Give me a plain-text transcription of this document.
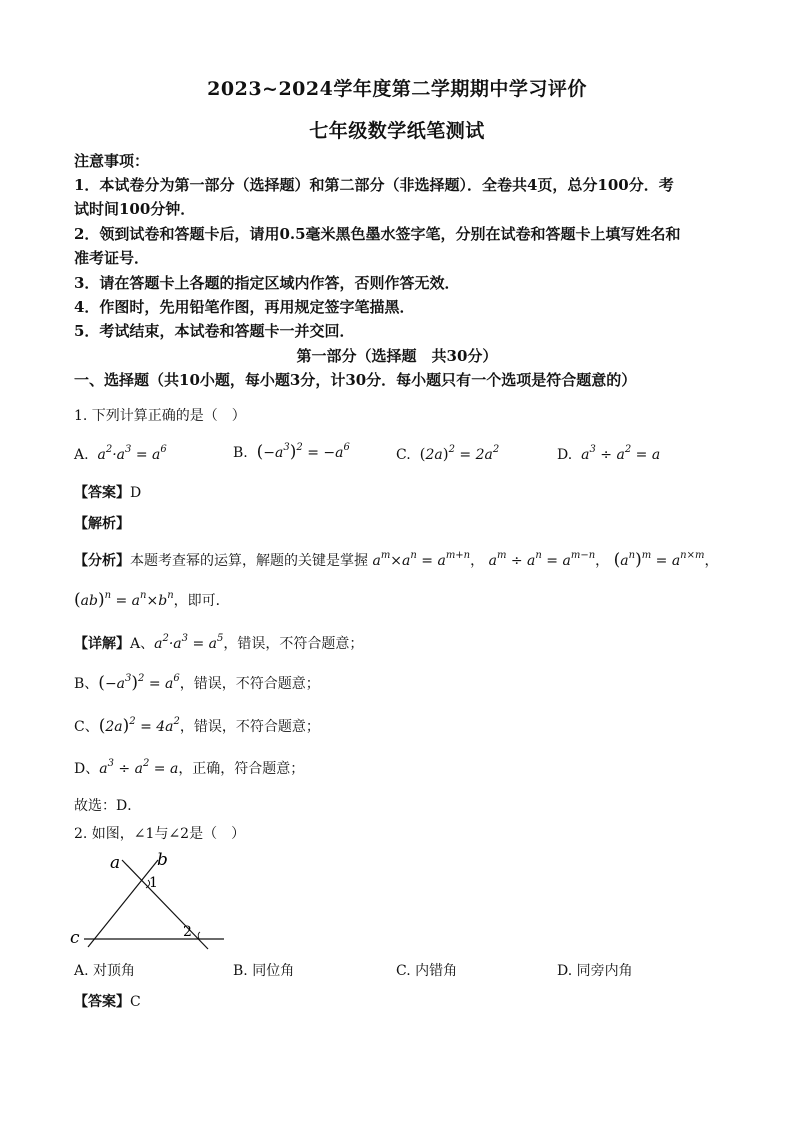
2023~2024学年度第二学期期中学习评价
七年级数学纸笔测试
注意事项：
1．本试卷分为第一部分（选择题）和第二部分（非选择题）．全卷共4页，总分100分．考
试时间100分钟．
2．领到试卷和答题卡后，请用0.5毫米黑色墨水签字笔，分别在试卷和答题卡上填写姓名和
准考证号．
3．请在答题卡上各题的指定区域内作答，否则作答无效．
4．作图时，先用铅笔作图，再用规定签字笔描黑．
5．考试结束，本试卷和答题卡一并交回．
第一部分（选择题　共30分）
一、选择题（共10小题，每小题3分，计30分．每小题只有一个选项是符合题意的）
1. 下列计算正确的是（　）
A. $a^2\cdot a^3 = a^6$	B. $(-a^3)^2 = -a^6$	C. $(2a)^2 = 2a^2$	D. $a^3 \div a^2 = a$
【答案】D
【解析】
【分析】本题考查幂的运算，解题的关键是掌握 $a^m\times a^n = a^{m+n}$， $a^m \div a^n = a^{m-n}$， $(a^n)^m = a^{n\times m}$，
$(ab)^n = a^n\times b^n$，即可．
【详解】A、$a^2\cdot a^3 = a^5$，错误，不符合题意；
B、$(-a^3)^2 = a^6$，错误，不符合题意；
C、$(2a)^2 = 4a^2$，错误，不符合题意；
D、$a^3 \div a^2 = a$，正确，符合题意；
故选：D．
2. 如图，∠1与∠2是（　）
a b
c
1
2
A. 对顶角	B. 同位角	C. 内错角	D. 同旁内角
【答案】C
